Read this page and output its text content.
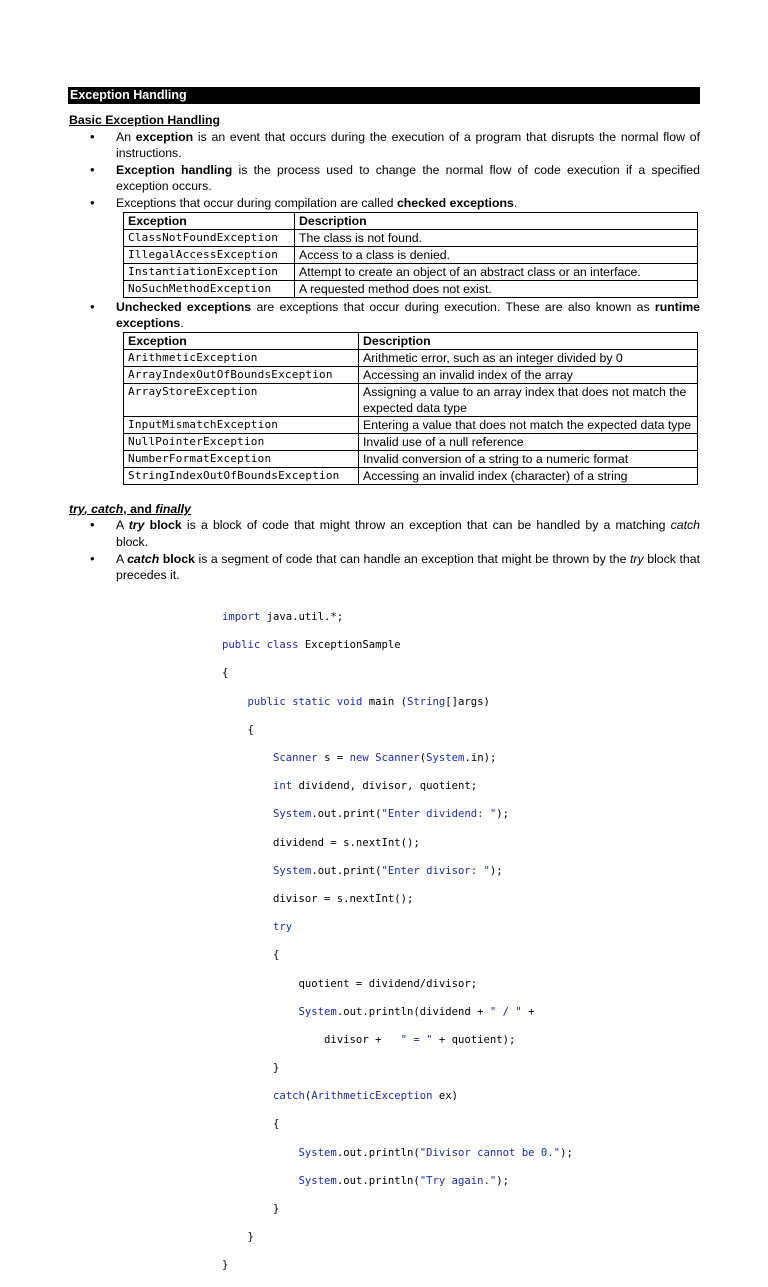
Exception Handling
Basic Exception Handling
• An exception is an event that occurs during the execution of a program that disrupts the normal flow of instructions.
• Exception handling is the process used to change the normal flow of code execution if a specified exception occurs.
• Exceptions that occur during compilation are called checked exceptions.
Exception	Description
ClassNotFoundException	The class is not found.
IllegalAccessException	Access to a class is denied.
InstantiationException	Attempt to create an object of an abstract class or an interface.
NoSuchMethodException	A requested method does not exist.
• Unchecked exceptions are exceptions that occur during execution. These are also known as runtime exceptions.
Exception	Description
ArithmeticException	Arithmetic error, such as an integer divided by 0
ArrayIndexOutOfBoundsException	Accessing an invalid index of the array
ArrayStoreException	Assigning a value to an array index that does not match the expected data type
InputMismatchException	Entering a value that does not match the expected data type
NullPointerException	Invalid use of a null reference
NumberFormatException	Invalid conversion of a string to a numeric format
StringIndexOutOfBoundsException	Accessing an invalid index (character) of a string
try, catch, and finally
• A try block is a block of code that might throw an exception that can be handled by a matching catch block.
• A catch block is a segment of code that can handle an exception that might be thrown by the try block that precedes it.

import java.util.*;

public class ExceptionSample

{

public static void main (String[]args)

{

Scanner s = new Scanner(System.in);

int dividend, divisor, quotient;

System.out.print("Enter dividend: ");

dividend = s.nextInt();

System.out.print("Enter divisor: ");

divisor = s.nextInt();

try

{

quotient = dividend/divisor;

System.out.println(dividend + " / " +

divisor +   " = " + quotient);

}

catch(ArithmeticException ex)

{

System.out.println("Divisor cannot be 0.");

System.out.println("Try again.");

}

}

}
